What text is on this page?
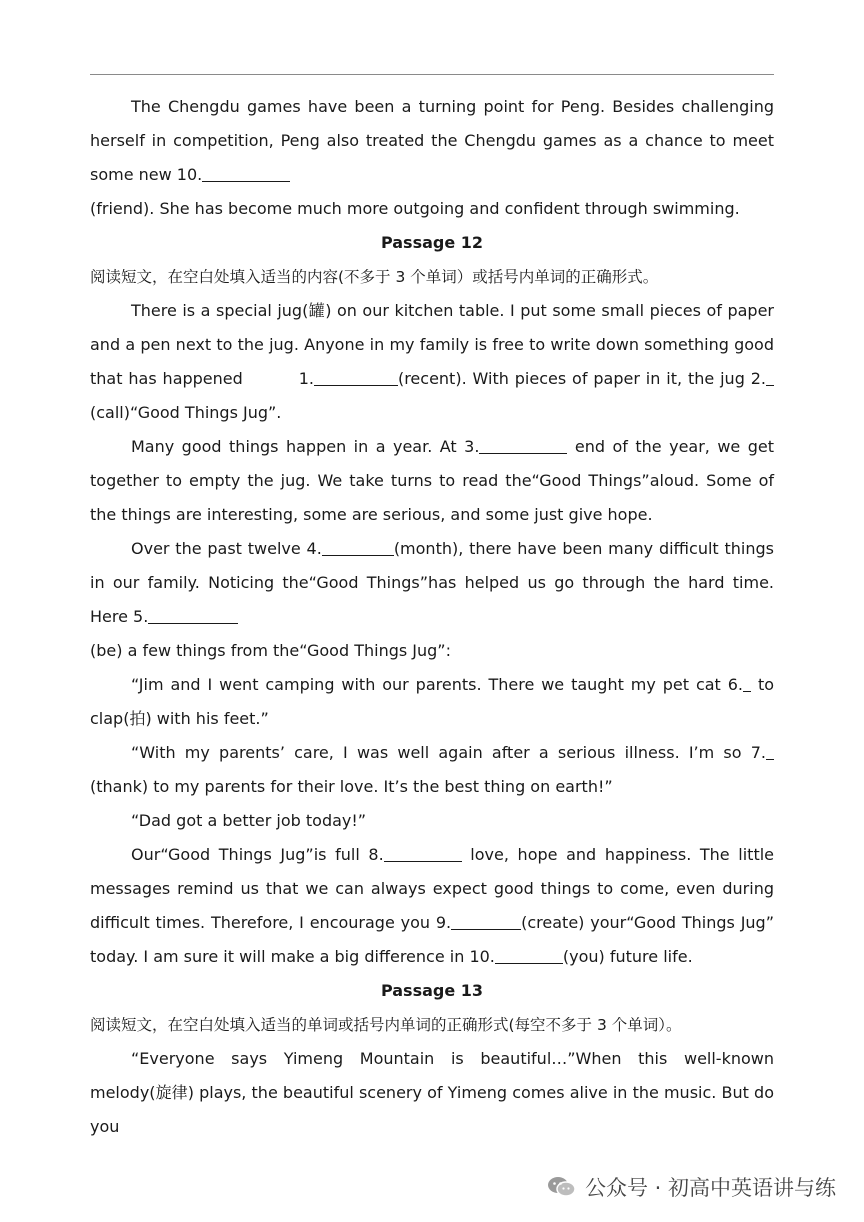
The Chengdu games have been a turning point for Peng. Besides challenging herself in competition, Peng also treated the Chengdu games as a chance to meet some new 10.

(friend). She has become much more outgoing and confident through swimming.

Passage 12

阅读短文，在空白处填入适当的内容(不多于 3 个单词）或括号内单词的正确形式。

There is a special jug(罐) on our kitchen table. I put some small pieces of paper and a pen next to the jug. Anyone in my family is free to write down something good that has happened	1.	(recent). With pieces of paper in it, the jug 2. (call)“Good Things Jug”.

Many good things happen in a year. At 3.	end of the year, we get together to empty the jug. We take turns to read the“Good Things”aloud. Some of the things are interesting, some are serious, and some just give hope.

Over the past twelve 4.	(month), there have been many difficult things in our family. Noticing the“Good Things”has helped us go through the hard time. Here 5.

(be) a few things from the“Good Things Jug”:

“Jim and I went camping with our parents. There we taught my pet cat 6. to clap(拍) with his feet.”

“With my parents’ care, I was well again after a serious illness. I’m so 7. (thank) to my parents for their love. It’s the best thing on earth!”

“Dad got a better job today!”

Our“Good Things Jug”is full 8.	love, hope and happiness. The little messages remind us that we can always expect good things to come, even during difficult times. Therefore, I encourage you 9.	(create) your“Good Things Jug” today. I am sure it will make a big difference in 10.	(you) future life.

Passage 13

阅读短文，在空白处填入适当的单词或括号内单词的正确形式(每空不多于 3 个单词）。

“Everyone says Yimeng Mountain is beautiful…”When this well-known melody(旋律) plays, the beautiful scenery of Yimeng comes alive in the music. But do you

公众号 · 初高中英语讲与练
